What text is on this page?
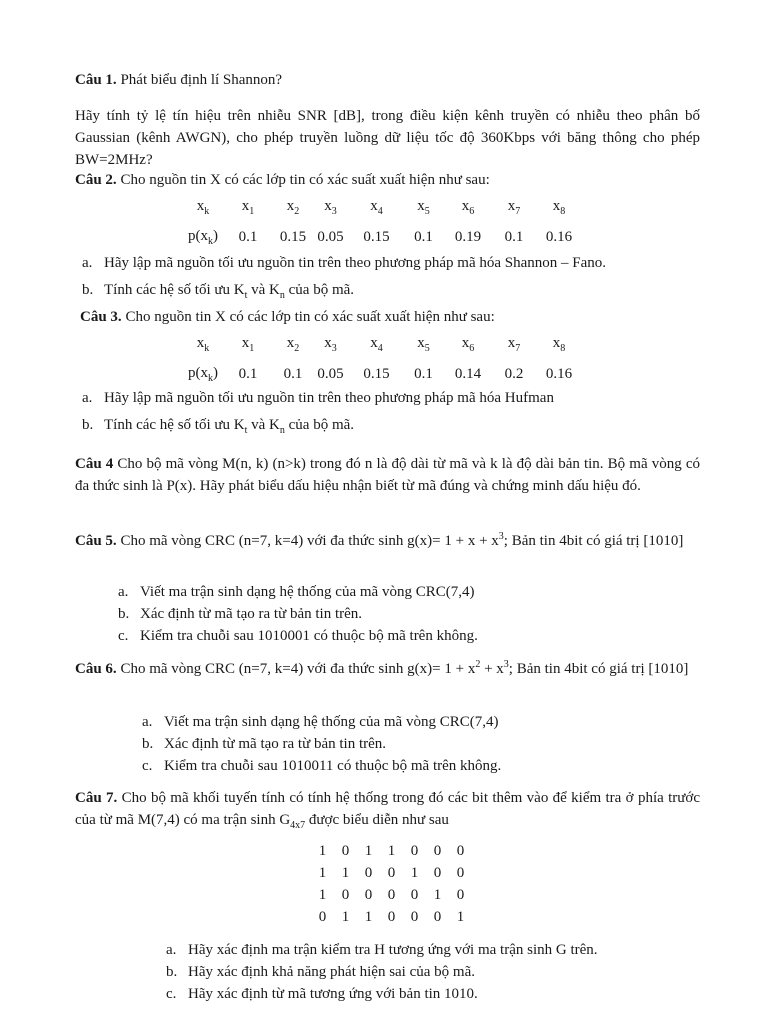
Câu 1. Phát biểu định lí Shannon?

Hãy tính tỷ lệ tín hiệu trên nhiễu SNR [dB], trong điều kiện kênh truyền có nhiễu theo phân bố Gaussian (kênh AWGN), cho phép truyền luồng dữ liệu tốc độ 360Kbps với băng thông cho phép BW=2MHz?

Câu 2. Cho nguồn tin X có các lớp tin có xác suất xuất hiện như sau:

$x_k$	$x_1$	$x_2$	$x_3$	$x_4$	$x_5$	$x_6$	$x_7$	$x_8$
$p(x_k)$	0.1	0.15	0.05	0.15	0.1	0.19	0.1	0.16
a. Hãy lập mã nguồn tối ưu nguồn tin trên theo phương pháp mã hóa Shannon – Fano.
b. Tính các hệ số tối ưu $K_t$ và $K_n$ của bộ mã.

Câu 3. Cho nguồn tin X có các lớp tin có xác suất xuất hiện như sau:

$x_k$	$x_1$	$x_2$	$x_3$	$x_4$	$x_5$	$x_6$	$x_7$	$x_8$
$p(x_k)$	0.1	0.1	0.05	0.15	0.1	0.14	0.2	0.16
a. Hãy lập mã nguồn tối ưu nguồn tin trên theo phương pháp mã hóa Hufman
b. Tính các hệ số tối ưu $K_t$ và $K_n$ của bộ mã.

Câu 4 Cho bộ mã vòng M(n, k) (n>k) trong đó n là độ dài từ mã và k là độ dài bản tin. Bộ mã vòng có đa thức sinh là P(x). Hãy phát biểu dấu hiệu nhận biết từ mã đúng và chứng minh dấu hiệu đó.

Câu 5. Cho mã vòng CRC (n=7, k=4) với đa thức $\sinh g(x)= 1 + x + x^3$; Bản tin 4bit có giá trị [1010]

a. Viết ma trận sinh dạng hệ thống của mã vòng CRC(7,4)
b. Xác định từ mã tạo ra từ bản tin trên.
c. Kiểm tra chuỗi sau 1010001 có thuộc bộ mã trên không.

Câu 6. Cho mã vòng CRC (n=7, k=4) với đa thức $\sinh g(x)= 1 + x^2 + x^3$; Bản tin 4bit có giá trị [1010]

a. Viết ma trận sinh dạng hệ thống của mã vòng CRC(7,4)
b. Xác định từ mã tạo ra từ bản tin trên.
c. Kiểm tra chuỗi sau 1010011 có thuộc bộ mã trên không.

Câu 7. Cho bộ mã khối tuyến tính có tính hệ thống trong đó các bit thêm vào để kiểm tra ở phía trước của từ mã M(7,4) có ma trận $\sinh G_{4x7}$ được biểu diễn như sau

1	0	1	1	0	0	0
1	1	0	0	1	0	0
1	0	0	0	0	1	0
0	1	1	0	0	0	1
a. Hãy xác định ma trận kiểm tra H tương ứng với ma trận sinh G trên.
b. Hãy xác định khả năng phát hiện sai của bộ mã.
c. Hãy xác định từ mã tương ứng với bản tin 1010.
